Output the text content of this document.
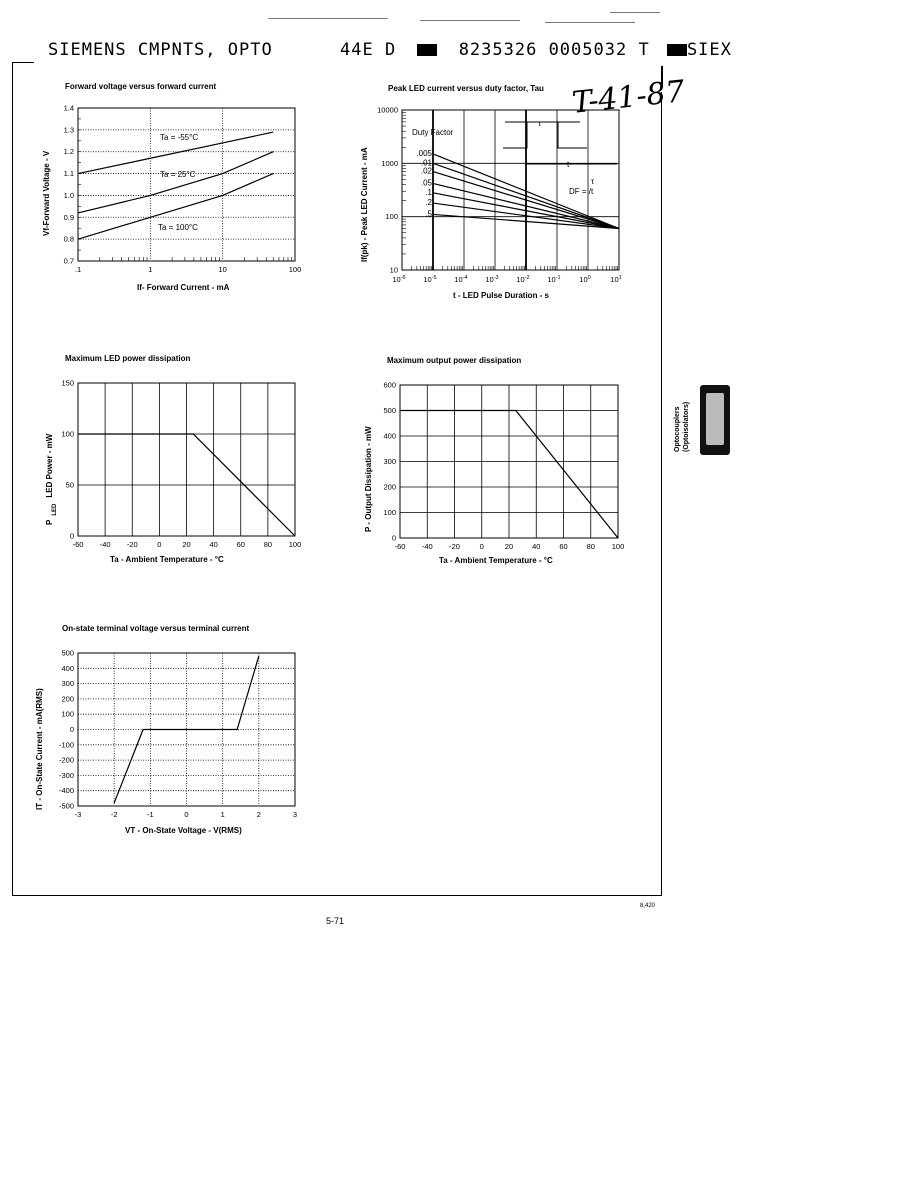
SIEMENS CMPNTS, OPTO	44E D	8235326 0005032 T SIEX
T-41-87
Optocouplers (Optoisolators)
5-71
8,420
Forward voltage versus forward current
0.7
0.8
0.9
1.0
1.1
1.2
1.3
1.4
.1	1	10	100
Ta = -55°C
Ta = 25°C
Ta = 100°C
If- Forward Current - mA
Vf-Forward Voltage - V
Peak LED current versus duty factor, Tau
10
100
1000
10000
$10^{-6}$ $10^{-5}$ $10^{-4}$ $10^{-3}$ $10^{-2}$ $10^{-1}$ $10^0$	$10^1$
.005
.01
.02
.05
.1
.2
.5
Duty Factor
τ
t
τ
DF = /t
t - LED Pulse Duration - s
If(pk) - Peak LED Current - mA
Maximum LED power dissipation
0
50
100
150
-60 -40 -20	0	20	40	60	80 100
Ta - Ambient Temperature - °C
$P_{LED}LED$ Power - mW
Maximum output power dissipation
0
100
200
300
400
500
600
-60 -40 -20	0	20	40	60	80 100
Ta - Ambient Temperature - °C
P - Output Dissipation - mW
On-state terminal voltage versus terminal current
500
400
300
200
100
0
-100
-200
-300
-400
-500
-3	-2	-1	0	1	2	3
VT - On-State Voltage - V(RMS)
IT - On-State Current - mA(RMS)
